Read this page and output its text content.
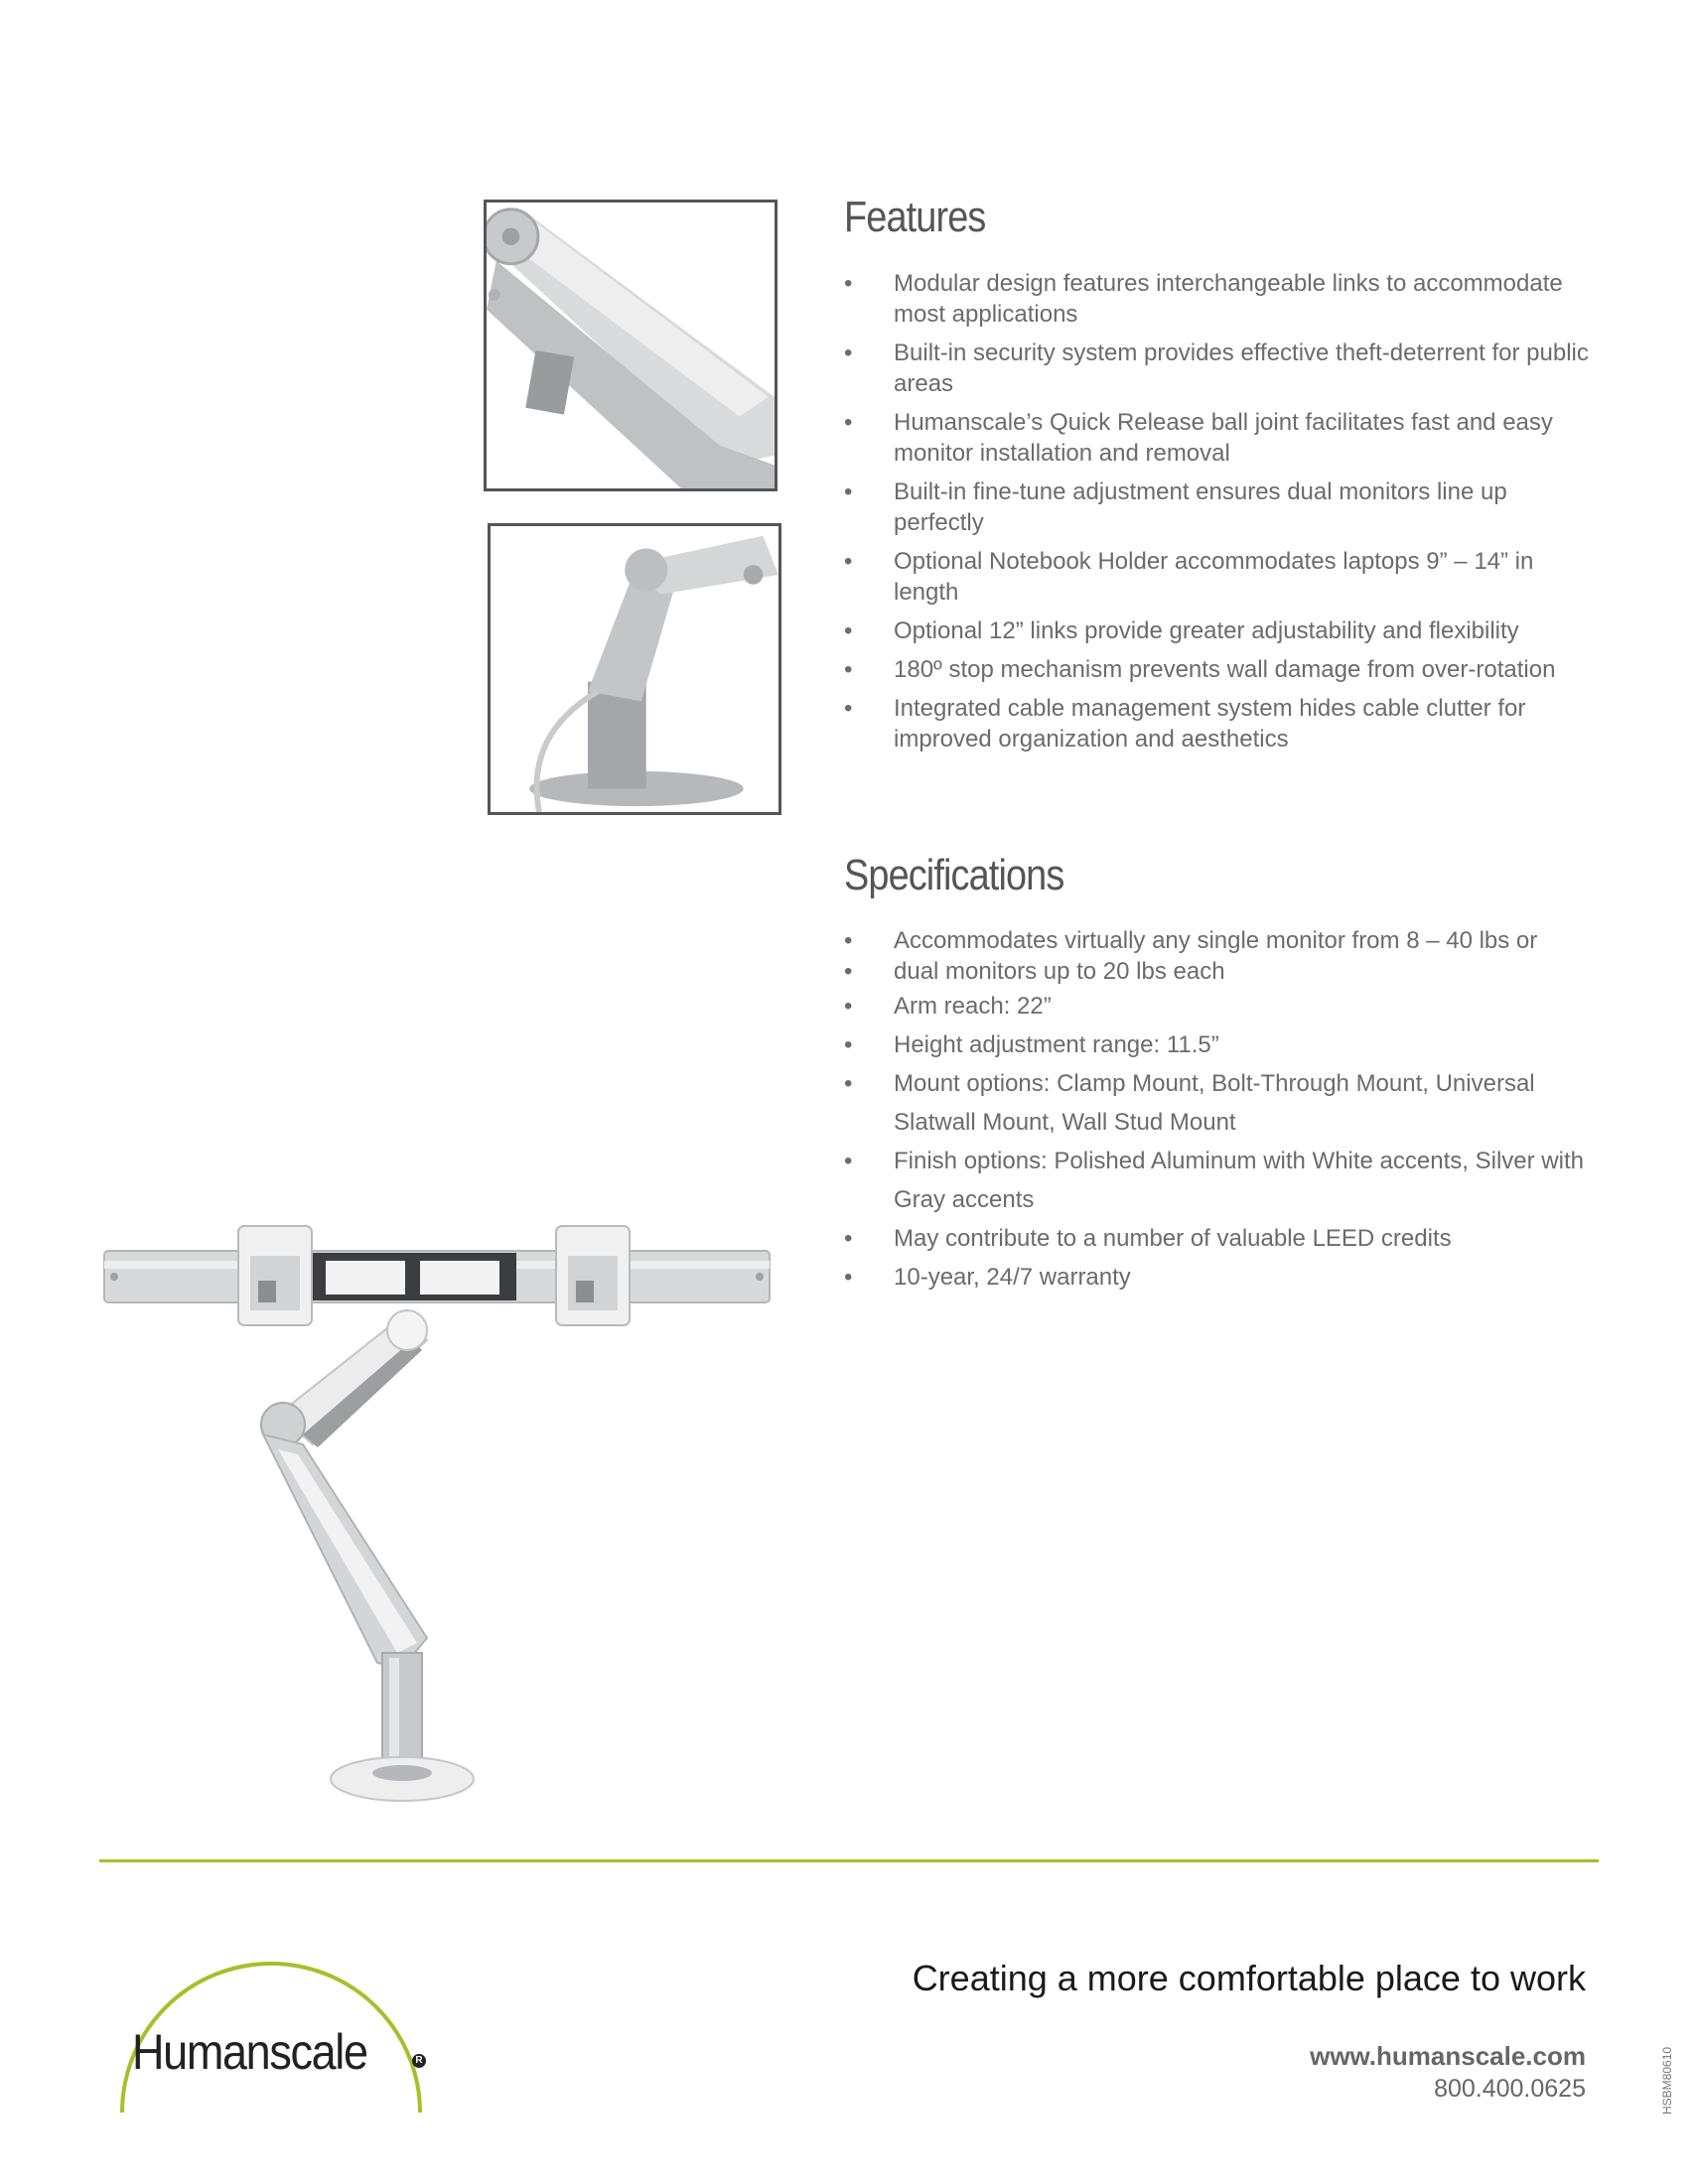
Features
• Modular design features interchangeable links to accommodate most applications
• Built-in security system provides effective theft-deterrent for public areas
• Humanscale’s Quick Release ball joint facilitates fast and easy monitor installation and removal
• Built-in fine-tune adjustment ensures dual monitors line up perfectly
• Optional Notebook Holder accommodates laptops 9” – 14” in length
• Optional 12” links provide greater adjustability and flexibility
• 180º stop mechanism prevents wall damage from over-rotation
• Integrated cable management system hides cable clutter for improved organization and aesthetics
Specifications
• Accommodates virtually any single monitor from 8 – 40 lbs or
• dual monitors up to 20 lbs each
• Arm reach: 22”
• Height adjustment range: 11.5”
• Mount options: Clamp Mount, Bolt-Through Mount, Universal Slatwall Mount, Wall Stud Mount
• Finish options: Polished Aluminum with White accents, Silver with Gray accents
• May contribute to a number of valuable LEED credits
• 10-year, 24/7 warranty
Humanscale	R
Creating a more comfortable place to work
www.humanscale.com
800.400.0625	HSBM80610
